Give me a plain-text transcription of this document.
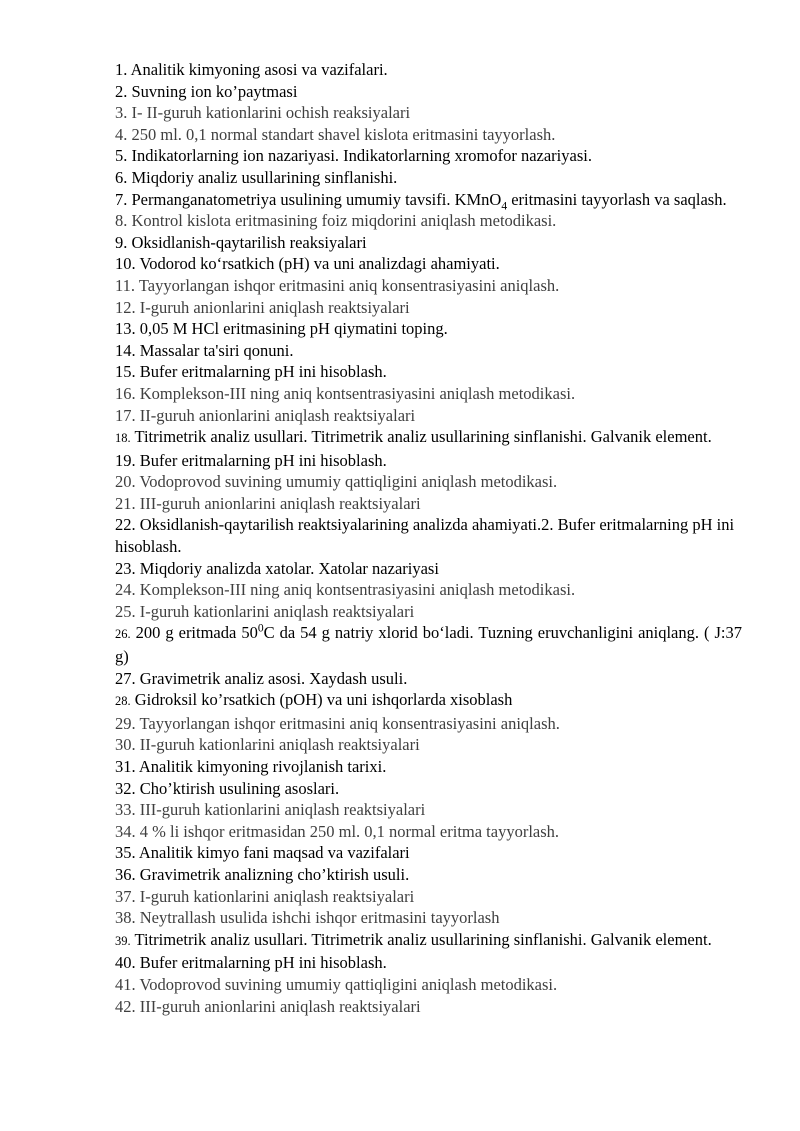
1. Analitik kimyoning asosi va vazifalari.

2. Suvning ion ko’paytmasi

3. I- II-guruh kationlarini ochish reaksiyalari

4. 250 ml. 0,1 normal standart shavel kislota eritmasini tayyorlash.

5. Indikatorlarning ion nazariyasi. Indikatorlarning xromofor nazariyasi.

6. Miqdoriy analiz usullarining sinflanishi.

7. Permanganatometriya usulining umumiy tavsifi. KMnO$_4$ eritmasini tayyorlash va saqlash.

8. Kontrol kislota eritmasining foiz miqdorini aniqlash metodikasi.

9. Oksidlanish-qaytarilish reaksiyalari

10. Vodorod ko‘rsatkich (pH) va uni analizdagi ahamiyati.

11. Tayyorlangan ishqor eritmasini aniq konsentrasiyasini aniqlash.

12. I-guruh anionlarini aniqlash reaktsiyalari

13. 0,05 M HCl eritmasining pH qiymatini toping.

14. Massalar ta'siri qonuni.

15. Bufer eritmalarning pH ini hisoblash.

16. Komplekson-III ning aniq kontsentrasiyasini aniqlash metodikasi.

17. II-guruh anionlarini aniqlash reaktsiyalari

18. Titrimetrik analiz usullari. Titrimetrik analiz usullarining sinflanishi. Galvanik element.

19. Bufer eritmalarning pH ini hisoblash.

20. Vodoprovod suvining umumiy qattiqligini aniqlash metodikasi.

21. III-guruh anionlarini aniqlash reaktsiyalari

22. Oksidlanish-qaytarilish reaktsiyalarining analizda ahamiyati.2. Bufer eritmalarning pH ini hisoblash.

23. Miqdoriy analizda xatolar. Xatolar nazariyasi

24. Komplekson-III ning aniq kontsentrasiyasini aniqlash metodikasi.

25. I-guruh kationlarini aniqlash reaktsiyalari

26. 200 g eritmada $50^0C$ da 54 g natriy xlorid bo‘ladi. Tuzning eruvchanligini aniqlang. ( J:37 g)

27. Gravimetrik analiz asosi. Xaydash usuli.

28. Gidroksil ko’rsatkich (pOH) va uni ishqorlarda xisoblash

29. Tayyorlangan ishqor eritmasini aniq konsentrasiyasini aniqlash.

30. II-guruh kationlarini aniqlash reaktsiyalari

31. Analitik kimyoning rivojlanish tarixi.

32. Cho’ktirish usulining asoslari.

33. III-guruh kationlarini aniqlash reaktsiyalari

34. 4 % li ishqor eritmasidan 250 ml. 0,1 normal eritma tayyorlash.

35. Analitik kimyo fani maqsad va vazifalari

36. Gravimetrik analizning cho’ktirish usuli.

37. I-guruh kationlarini aniqlash reaktsiyalari

38. Neytrallash usulida ishchi ishqor eritmasini tayyorlash

39. Titrimetrik analiz usullari. Titrimetrik analiz usullarining sinflanishi. Galvanik element.

40. Bufer eritmalarning pH ini hisoblash.

41. Vodoprovod suvining umumiy qattiqligini aniqlash metodikasi.

42. III-guruh anionlarini aniqlash reaktsiyalari
